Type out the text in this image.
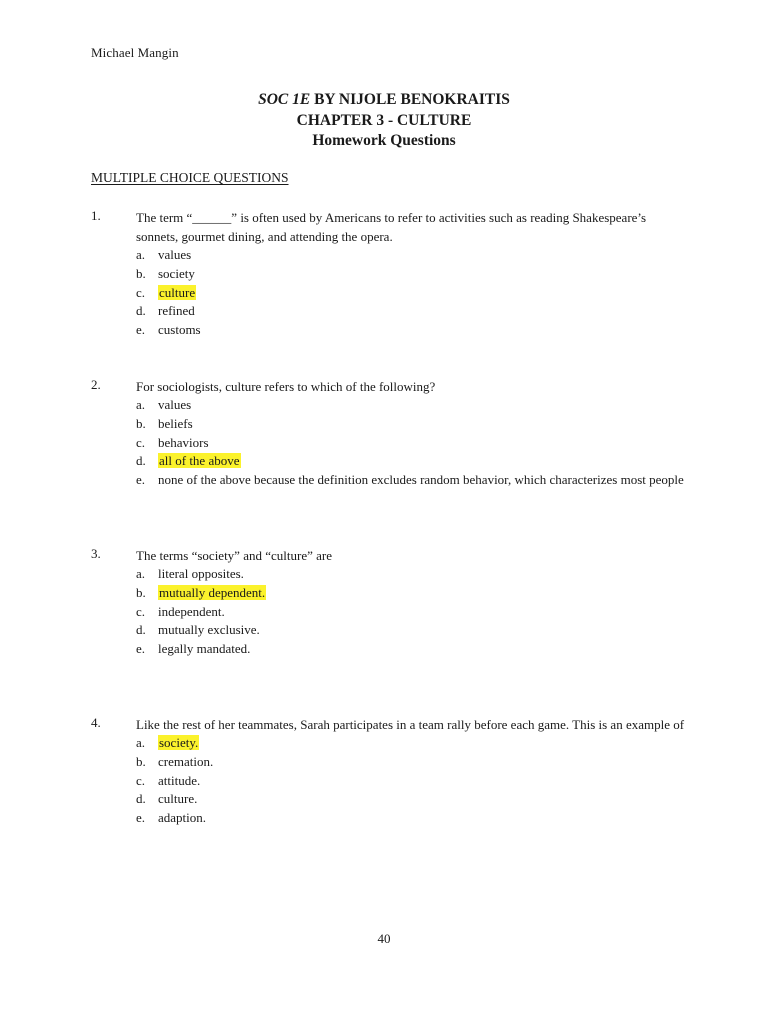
Michael Mangin
SOC 1E BY NIJOLE BENOKRAITIS
CHAPTER 3 - CULTURE
Homework Questions
MULTIPLE CHOICE QUESTIONS
1.	The term “______” is often used by Americans to refer to activities such as reading Shakespeare’s sonnets, gourmet dining, and attending the opera.
a. values
b. society
c. culture
d. refined
e. customs
2.	For sociologists, culture refers to which of the following?
a. values
b. beliefs
c. behaviors
d. all of the above
e. none of the above because the definition excludes random behavior, which characterizes most people
3.	The terms “society” and “culture” are
a. literal opposites.
b. mutually dependent.
c. independent.
d. mutually exclusive.
e. legally mandated.
4.	Like the rest of her teammates, Sarah participates in a team rally before each game. This is an example of
a. society.
b. cremation.
c. attitude.
d. culture.
e. adaption.
40
